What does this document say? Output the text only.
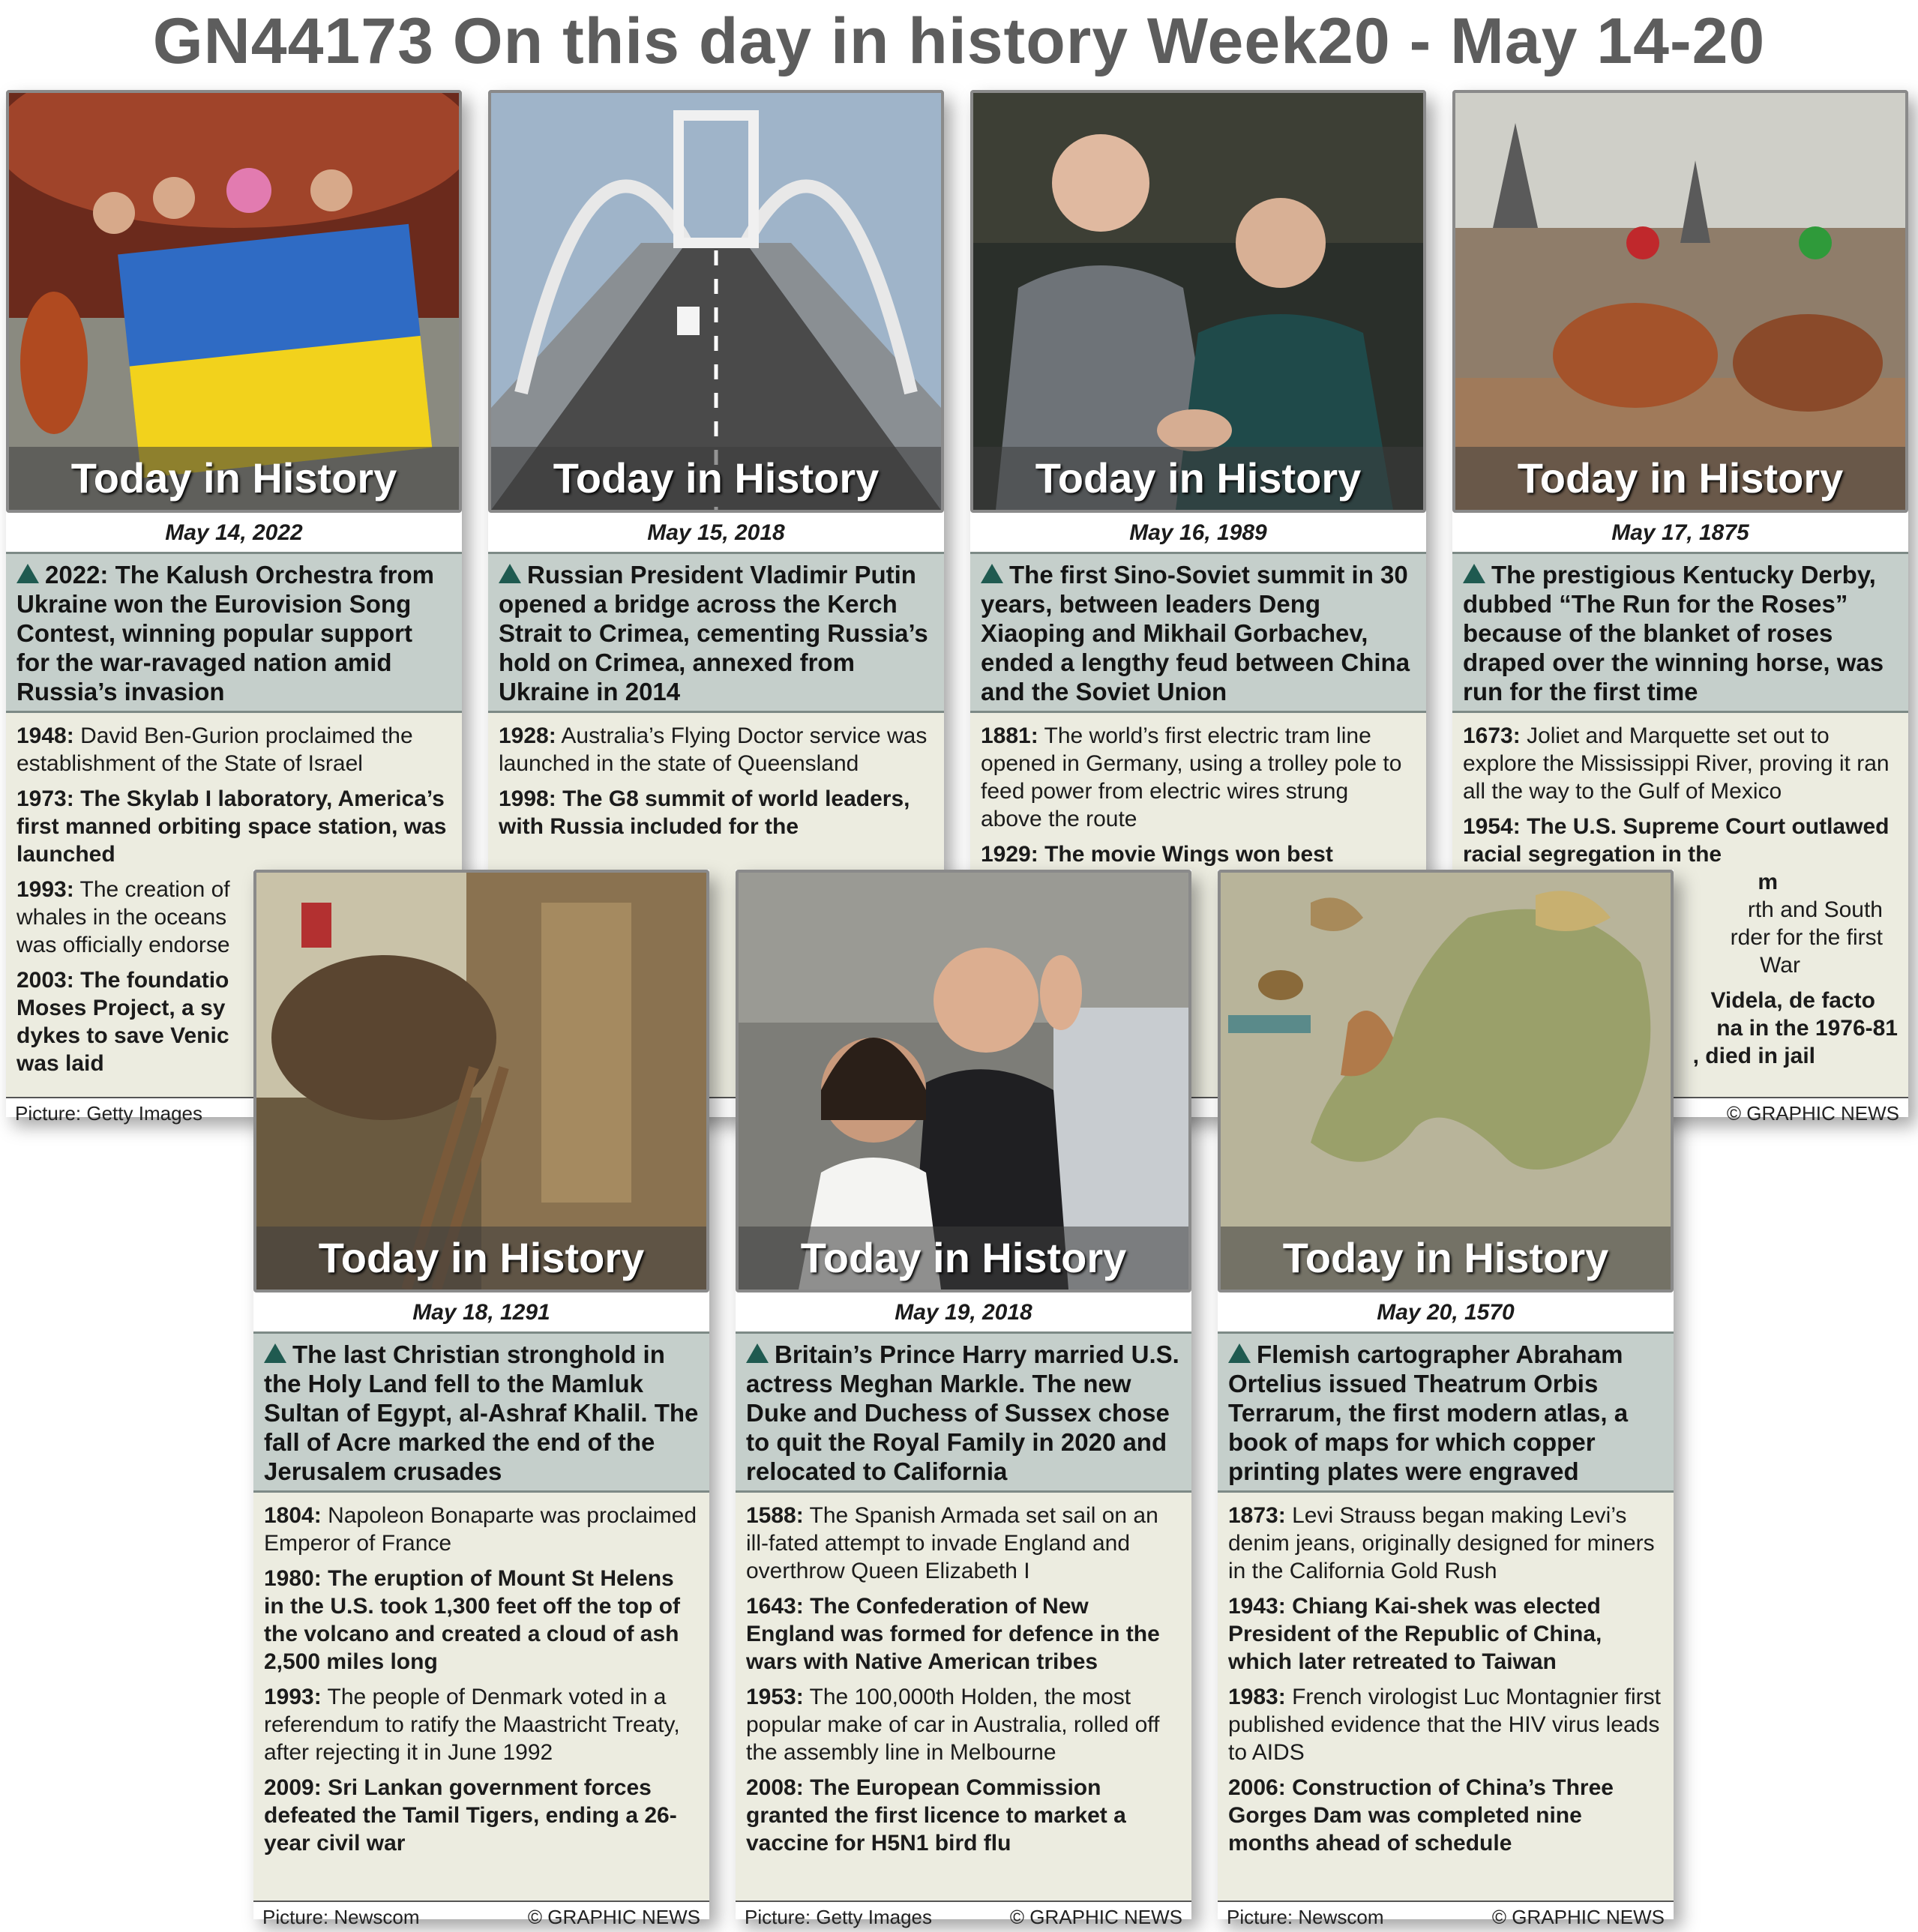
GN44173 On this day in history Week20 - May 14-20
Today in History
May 14, 2022
2022: The Kalush Orchestra from Ukraine won the Eurovision Song Contest, winning popular support for the war-ravaged nation amid Russia’s invasion
1948: David Ben-Gurion proclaimed the establishment of the State of Israel
1973: The Skylab I laboratory, America’s first manned orbiting space station, was launched
1993: The creation of
whales in the oceans
was officially endorse
2003: The foundatio
Moses Project, a sy
dykes to save Venic
was laid
Picture: Getty Images
Today in History
May 15, 2018
Russian President Vladimir Putin opened a bridge across the Kerch Strait to Crimea, cementing Russia’s hold on Crimea, annexed from Ukraine in 2014
1928: Australia’s Flying Doctor service was launched in the state of Queensland
1998: The G8 summit of world leaders, with Russia included for the
Today in History
May 16, 1989
The first Sino-Soviet summit in 30 years, between leaders Deng Xiaoping and Mikhail Gorbachev, ended a lengthy feud between China and the Soviet Union
1881: The world’s first electric tram line opened in Germany, using a trolley pole to feed power from electric wires strung above the route
1929: The movie Wings won best
Today in History
May 17, 1875
The prestigious Kentucky Derby, dubbed “The Run for the Roses” because of the blanket of roses draped over the winning horse, was run for the first time
1673: Joliet and Marquette set out to explore the Mississippi River, proving it ran all the way to the Gulf of Mexico
1954: The U.S. Supreme Court outlawed racial segregation in the
m
rth and South
rder for the first
War
Videla, de facto
na in the 1976-81
, died in jail
© GRAPHIC NEWS
Today in History
May 18, 1291
The last Christian stronghold in the Holy Land fell to the Mamluk Sultan of Egypt, al-Ashraf Khalil. The fall of Acre marked the end of the Jerusalem crusades
1804: Napoleon Bonaparte was proclaimed Emperor of France
1980: The eruption of Mount St Helens in the U.S. took 1,300 feet off the top of the volcano and created a cloud of ash 2,500 miles long
1993: The people of Denmark voted in a referendum to ratify the Maastricht Treaty, after rejecting it in June 1992
2009: Sri Lankan government forces defeated the Tamil Tigers, ending a 26-year civil war
Picture: Newscom	© GRAPHIC NEWS
Today in History
May 19, 2018
Britain’s Prince Harry married U.S. actress Meghan Markle. The new Duke and Duchess of Sussex chose to quit the Royal Family in 2020 and relocated to California
1588: The Spanish Armada set sail on an ill-fated attempt to invade England and overthrow Queen Elizabeth I
1643: The Confederation of New England was formed for defence in the wars with Native American tribes
1953: The 100,000th Holden, the most popular make of car in Australia, rolled off the assembly line in Melbourne
2008: The European Commission granted the first licence to market a vaccine for H5N1 bird flu
Picture: Getty Images	© GRAPHIC NEWS
Today in History
May 20, 1570
Flemish cartographer Abraham Ortelius issued Theatrum Orbis Terrarum, the first modern atlas, a book of maps for which copper printing plates were engraved
1873: Levi Strauss began making Levi’s denim jeans, originally designed for miners in the California Gold Rush
1943: Chiang Kai-shek was elected President of the Republic of China, which later retreated to Taiwan
1983: French virologist Luc Montagnier first published evidence that the HIV virus leads to AIDS
2006: Construction of China’s Three Gorges Dam was completed nine months ahead of schedule
Picture: Newscom	© GRAPHIC NEWS
